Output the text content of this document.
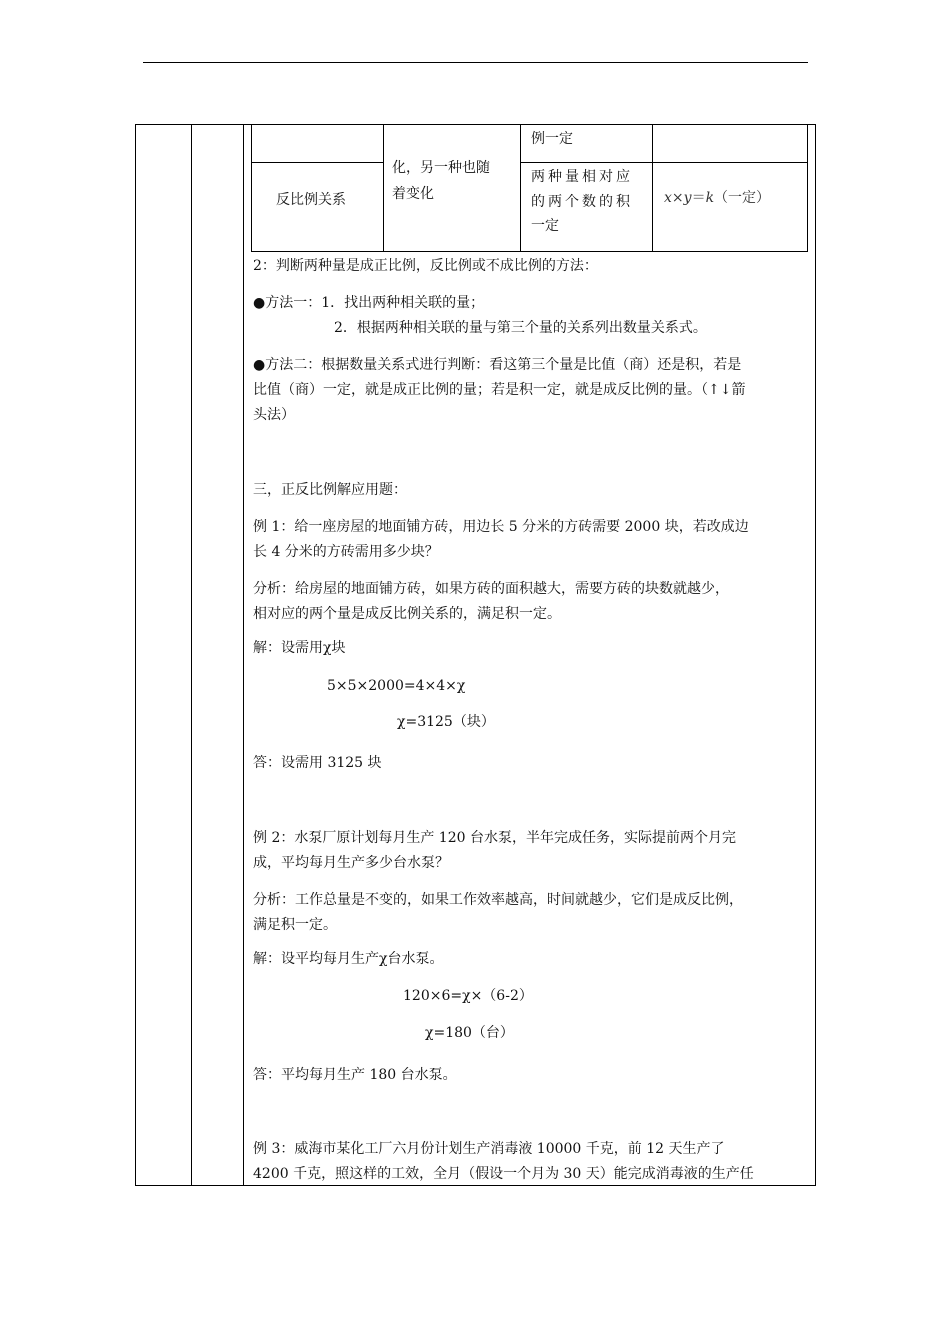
例一定
化，另一种也随
着变化
反比例关系
两种量相对应
的两个数的积
一定
x×y＝k（一定）
2：判断两种量是成正比例，反比例或不成比例的方法：
●方法一：1．找出两种相关联的量；
2．根据两种相关联的量与第三个量的关系列出数量关系式。
●方法二：根据数量关系式进行判断：看这第三个量是比值（商）还是积，若是
比值（商）一定，就是成正比例的量；若是积一定，就是成反比例的量。（↑↓箭
头法）
三，正反比例解应用题：
例 1：给一座房屋的地面铺方砖，用边长 5 分米的方砖需要 2000 块，若改成边
长 4 分米的方砖需用多少块？
分析：给房屋的地面铺方砖，如果方砖的面积越大，需要方砖的块数就越少，
相对应的两个量是成反比例关系的，满足积一定。
解：设需用χ块
5×5×2000=4×4×χ
χ=3125（块）
答：设需用 3125 块
例 2：水泵厂原计划每月生产 120 台水泵，半年完成任务，实际提前两个月完
成，平均每月生产多少台水泵？
分析：工作总量是不变的，如果工作效率越高，时间就越少，它们是成反比例，
满足积一定。
解：设平均每月生产χ台水泵。
120×6=χ×（6-2）
χ=180（台）
答：平均每月生产 180 台水泵。
例 3：威海市某化工厂六月份计划生产消毒液 10000 千克，前 12 天生产了
4200 千克，照这样的工效，全月（假设一个月为 30 天）能完成消毒液的生产任
